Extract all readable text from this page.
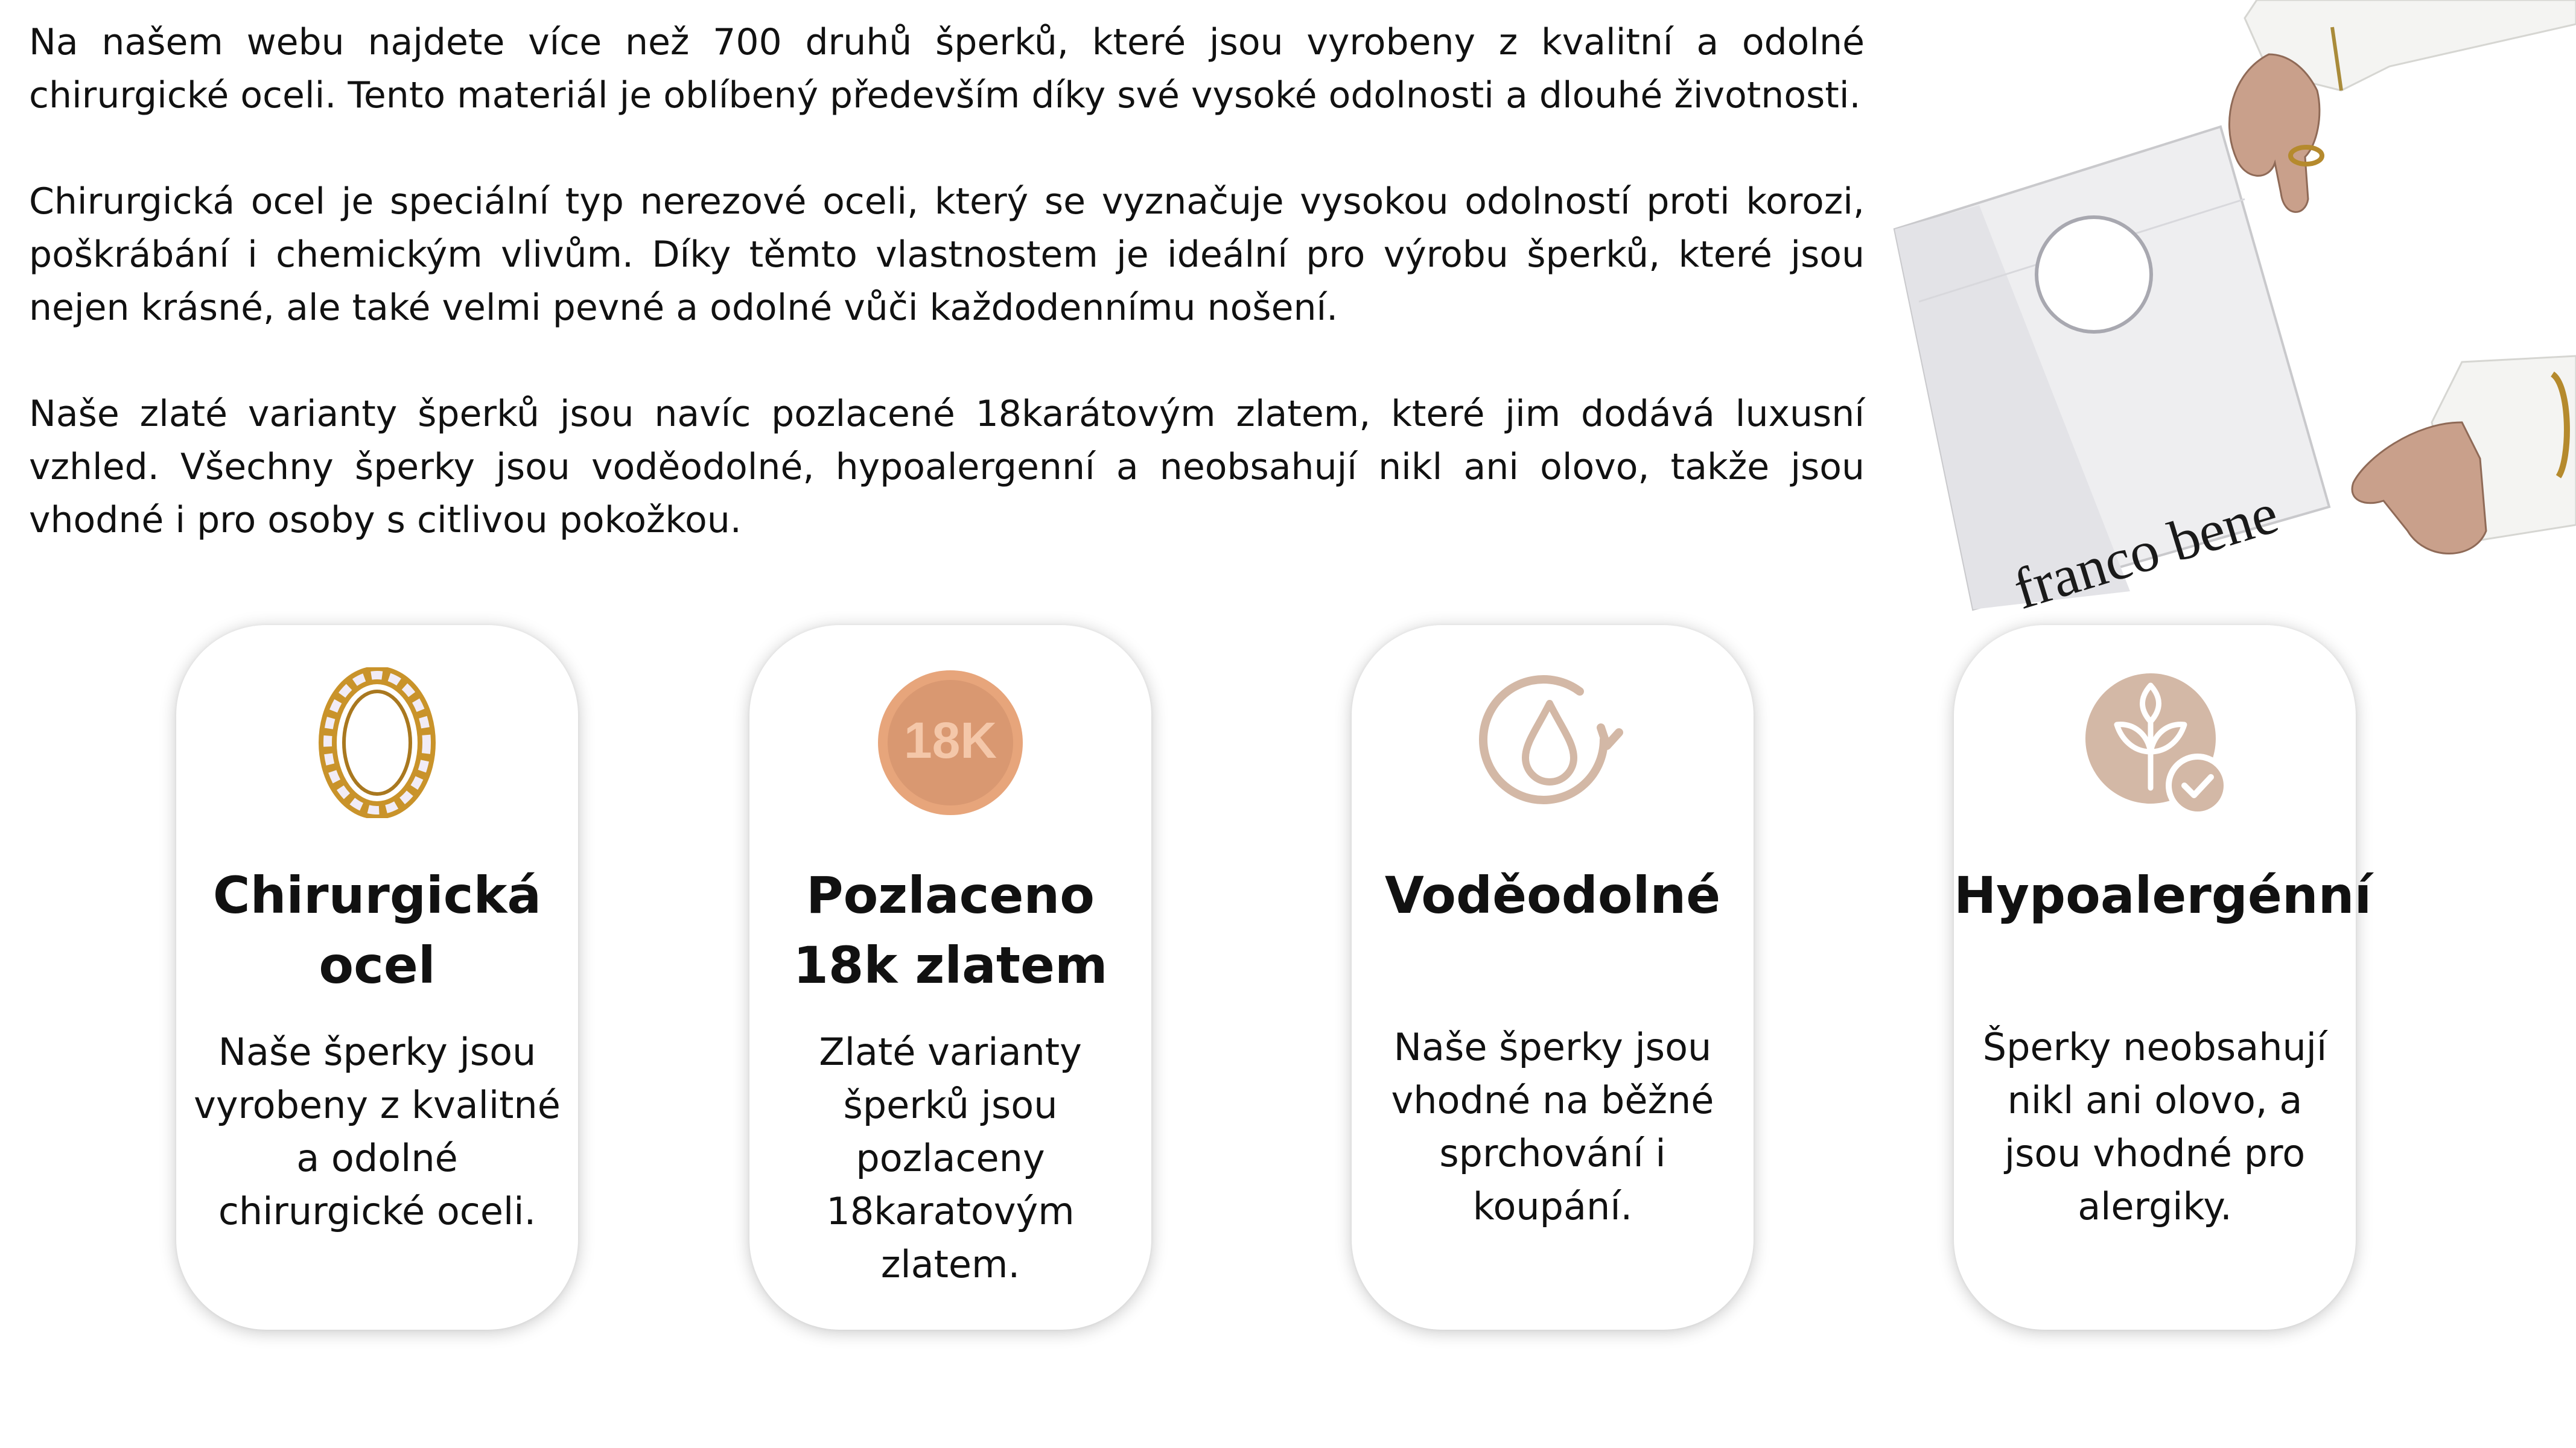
Na našem webu najdete více než 700 druhů šperků, které jsou vyrobeny z kvalitní a odolné chirurgické oceli. Tento materiál je oblíbený především díky své vysoké odolnosti a dlouhé životnosti.

Chirurgická ocel je speciální typ nerezové oceli, který se vyznačuje vysokou odolností proti korozi, poškrábání i chemickým vlivům. Díky těmto vlastnostem je ideální pro výrobu šperků, které jsou nejen krásné, ale také velmi pevné a odolné vůči každodennímu nošení.

Naše zlaté varianty šperků jsou navíc pozlacené 18karátovým zlatem, které jim dodává luxusní vzhled. Všechny šperky jsou voděodolné, hypoalergenní a neobsahují nikl ani olovo, takže jsou vhodné i pro osoby s citlivou pokožkou.	franco bene
Chirurgická ocel
Naše šperky jsou vyrobeny z kvalitné a odolné chirurgické oceli.
18K
Pozlaceno 18k zlatem
Zlaté varianty šperků jsou pozlaceny 18karatovým zlatem.
Voděodolné
Naše šperky jsou vhodné na běžné sprchování i koupání.
Hypoalergénní
Šperky neobsahují nikl ani olovo, a jsou vhodné pro alergiky.
